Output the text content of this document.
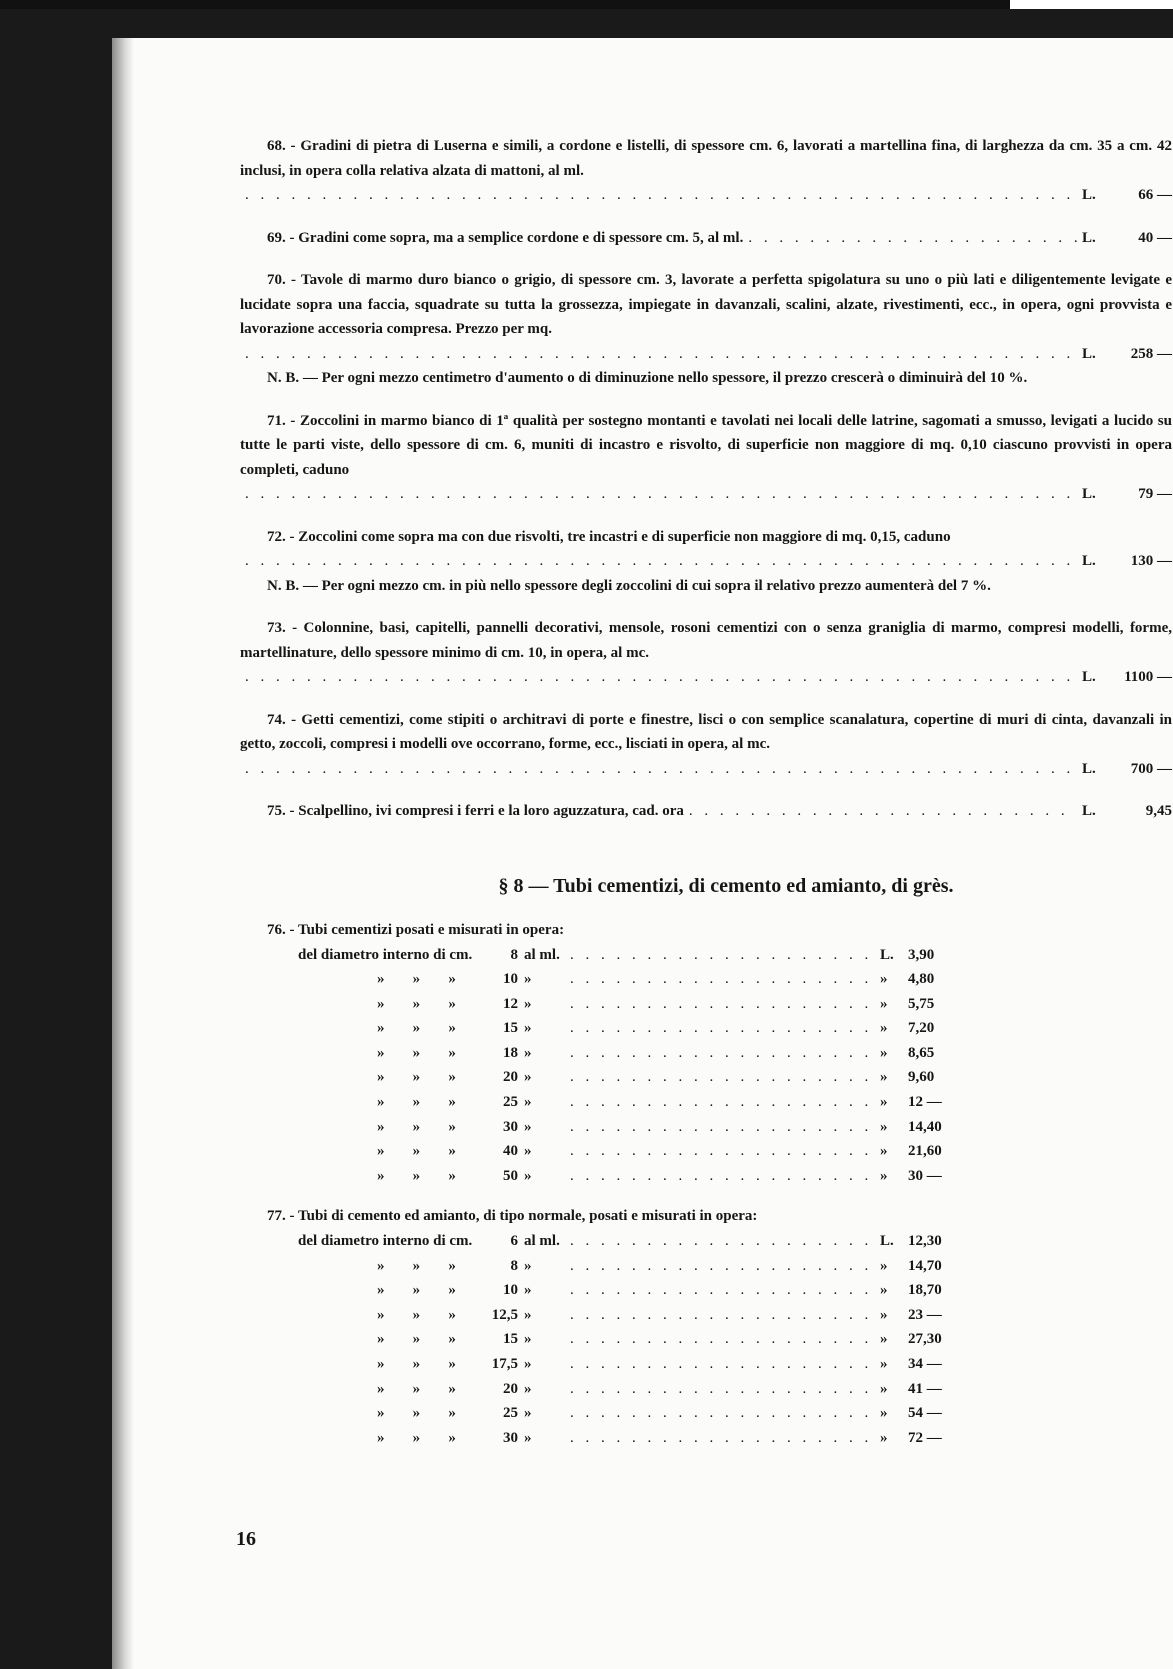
68. - Gradini di pietra di Luserna e simili, a cordone e listelli, di spessore cm. 6, lavorati a martellina fina, di larghezza da cm. 35 a cm. 42 inclusi, in opera colla relativa alzata di mattoni, al ml.

. . .
L.	66 —
69. - Gradini come sopra, ma a semplice cordone e di spessore cm. 5, al ml. . . .	L.	40 —

70. - Tavole di marmo duro bianco o grigio, di spessore cm. 3, lavorate a perfetta spigolatura su uno o più lati e diligentemente levigate e lucidate sopra una faccia, squadrate su tutta la grossezza, impiegate in davanzali, scalini, alzate, rivestimenti, ecc., in opera, ogni provvista e lavorazione accessoria compresa. Prezzo per mq.

. . .
L.	258 —

N. B. — Per ogni mezzo centimetro d'aumento o di diminuzione nello spessore, il prezzo crescerà o diminuirà del 10 %.

71. - Zoccolini in marmo bianco di 1ª qualità per sostegno montanti e tavolati nei locali delle latrine, sagomati a smusso, levigati a lucido su tutte le parti viste, dello spessore di cm. 6, muniti di incastro e risvolto, di superficie non maggiore di mq. 0,10 ciascuno provvisti in opera completi, caduno

. . .
L.	79 —

72. - Zoccolini come sopra ma con due risvolti, tre incastri e di superficie non maggiore di mq. 0,15, caduno

. . .
L.	130 —

N. B. — Per ogni mezzo cm. in più nello spessore degli zoccolini di cui sopra il relativo prezzo aumenterà del 7 %.

73. - Colonnine, basi, capitelli, pannelli decorativi, mensole, rosoni cementizi con o senza graniglia di marmo, compresi modelli, forme, martellinature, dello spessore minimo di cm. 10, in opera, al mc.

. . .
L.	1100 —

74. - Getti cementizi, come stipiti o architravi di porte e finestre, lisci o con semplice scanalatura, copertine di muri di cinta, davanzali in getto, zoccoli, compresi i modelli ove occorrano, forme, ecc., lisciati in opera, al mc.

. . .
L.	700 —
75. - Scalpellino, ivi compresi i ferri e la loro aguzzatura, cad. ora . . .	L.	9,45
§ 8 — Tubi cementizi, di cemento ed amianto, di grès.

76. - Tubi cementizi posati e misurati in opera:

del diametro interno di cm.	8 al ml. . . .	L. 3,90
»	»	»	10 » . . .	»	4,80
»	»	»	12 » . . .	»	5,75
»	»	»	15 » . . .	»	7,20
»	»	»	18 » . . .	»	8,65
»	»	»	20 » . . .	»	9,60
»	»	»	25 » . . .	»	12 —
»	»	»	30 » . . .	»	14,40
»	»	»	40 » . . .	»	21,60
»	»	»	50 » . . .	»	30 —

77. - Tubi di cemento ed amianto, di tipo normale, posati e misurati in opera:

del diametro interno di cm.	6 al ml. . . .	L. 12,30
»	»	»	8 » . . .	»	14,70
»	»	»	10 » . . .	»	18,70
»	»	»	12,5 » . . .	»	23 —
»	»	»	15 » . . .	»	27,30
»	»	»	17,5 » . . .	»	34 —
»	»	»	20 » . . .	»	41 —
»	»	»	25 » . . .	»	54 —
»	»	»	30 » . . .	»	72 —
16
